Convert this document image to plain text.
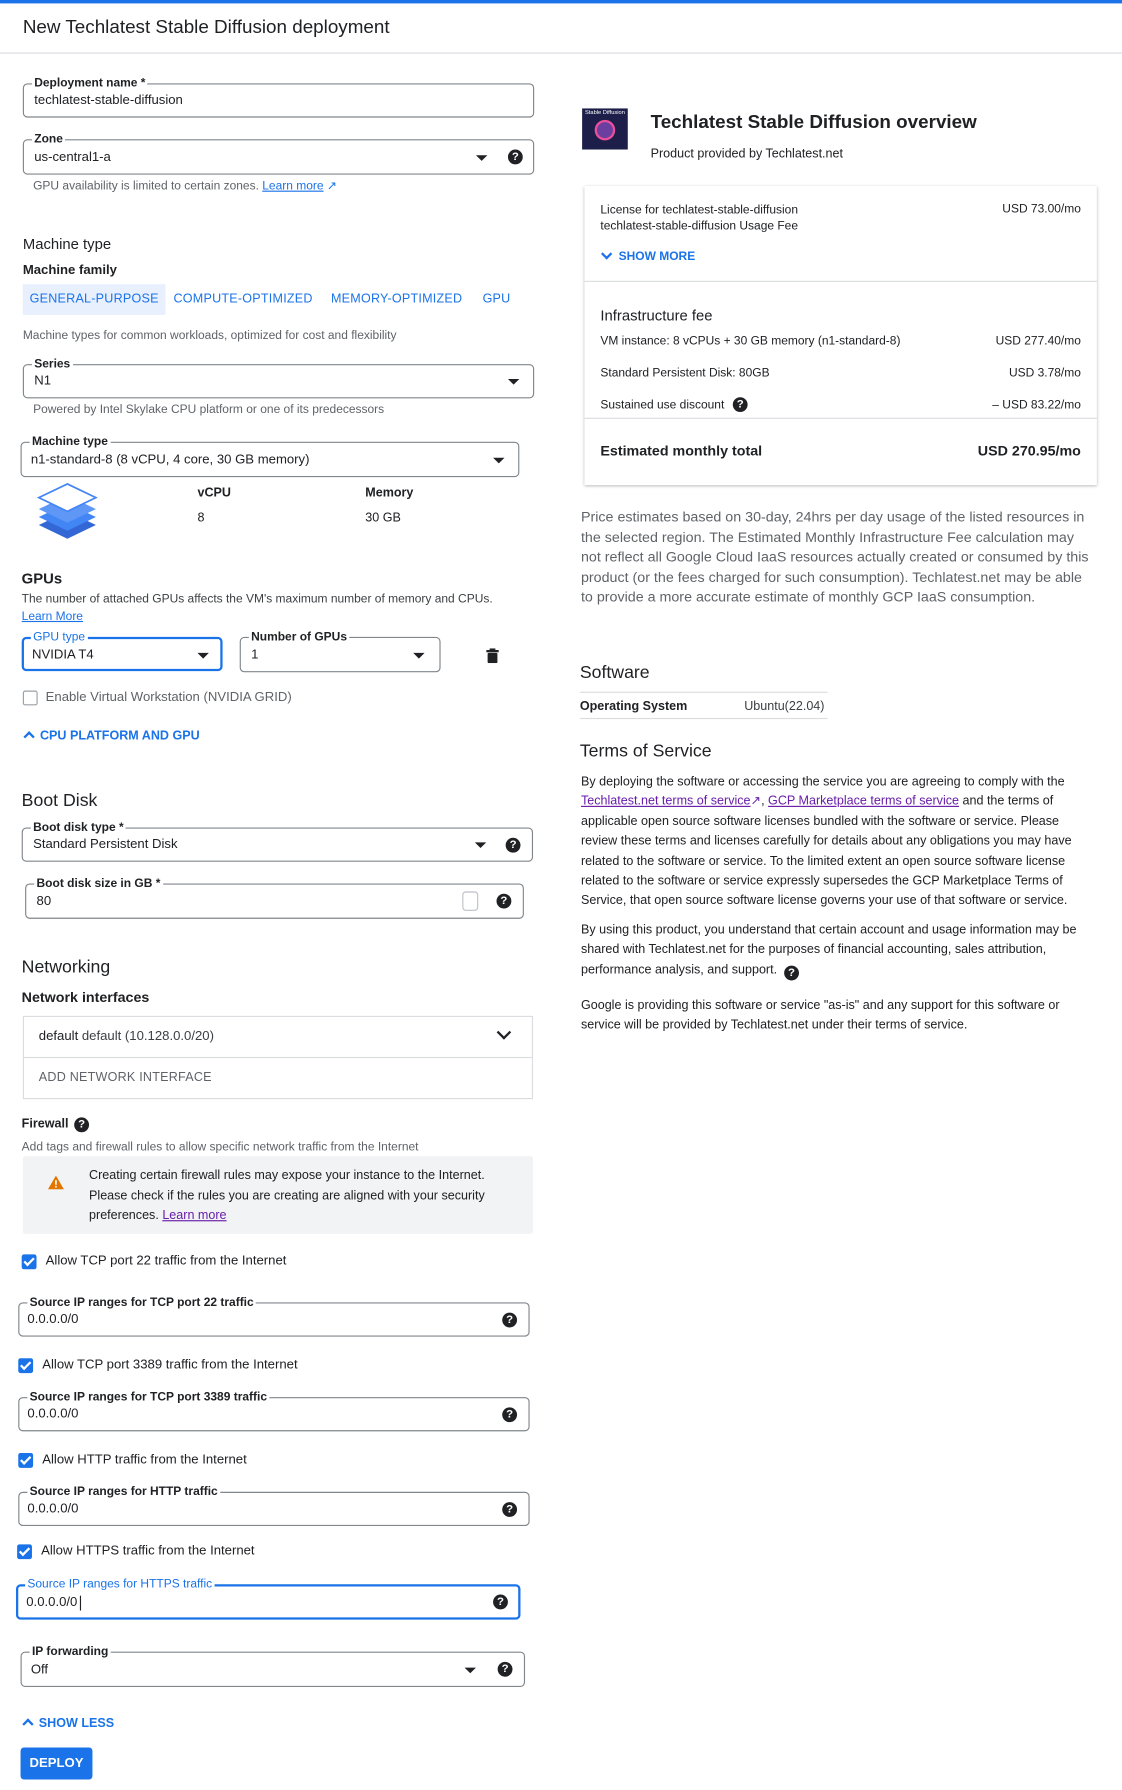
New Techlatest Stable Diffusion deployment
Deployment name *
techlatest-stable-diffusion
Zone
us-central1-a	?
GPU availability is limited to certain zones. Learn more ↗
Machine type
Machine family
GENERAL-PURPOSE	COMPUTE-OPTIMIZED	MEMORY-OPTIMIZED	GPU
Machine types for common workloads, optimized for cost and flexibility
Series
N1
Powered by Intel Skylake CPU platform or one of its predecessors
Machine type
n1-standard-8 (8 vCPU, 4 core, 30 GB memory)
vCPU
8
Memory
30 GB
GPUs
The number of attached GPUs affects the VM's maximum number of memory and CPUs.
Learn More
GPU type
NVIDIA T4
Number of GPUs
1
Enable Virtual Workstation (NVIDIA GRID)
CPU PLATFORM AND GPU
Boot Disk
Boot disk type *
Standard Persistent Disk	?
Boot disk size in GB *
80	?
Networking
Network interfaces
default default (10.128.0.0/20)
ADD NETWORK INTERFACE
Firewall ?
Add tags and firewall rules to allow specific network traffic from the Internet
Creating certain firewall rules may expose your instance to the Internet.
Please check if the rules you are creating are aligned with your security
preferences. Learn more
Allow TCP port 22 traffic from the Internet
Source IP ranges for TCP port 22 traffic
0.0.0.0/0	?
Allow TCP port 3389 traffic from the Internet
Source IP ranges for TCP port 3389 traffic
0.0.0.0/0	?
Allow HTTP traffic from the Internet
Source IP ranges for HTTP traffic
0.0.0.0/0	?
Allow HTTPS traffic from the Internet
Source IP ranges for HTTPS traffic
0.0.0.0/0	?
IP forwarding
Off	?
SHOW LESS
DEPLOY
Stable Diffusion Techlatest Stable Diffusion overview
Product provided by Techlatest.net
License for techlatest-stable-diffusion
techlatest-stable-diffusion Usage Fee
USD 73.00/mo
SHOW MORE
Infrastructure fee
VM instance: 8 vCPUs + 30 GB memory (n1-standard-8)	USD 277.40/mo
Standard Persistent Disk: 80GB	USD 3.78/mo
Sustained use discount	?	– USD 83.22/mo
Estimated monthly total	USD 270.95/mo
Price estimates based on 30-day, 24hrs per day usage of the listed resources in the selected region. The Estimated Monthly Infrastructure Fee calculation may not reflect all Google Cloud IaaS resources actually created or consumed by this product (or the fees charged for such consumption). Techlatest.net may be able to provide a more accurate estimate of monthly GCP IaaS consumption.
Software
Operating System	Ubuntu(22.04)
Terms of Service
By deploying the software or accessing the service you are agreeing to comply with the Techlatest.net terms of service↗, GCP Marketplace terms of service and the terms of applicable open source software licenses bundled with the software or service. Please review these terms and licenses carefully for details about any obligations you may have related to the software or service. To the limited extent an open source software license related to the software or service expressly supersedes the GCP Marketplace Terms of Service, that open source software license governs your use of that software or service.
By using this product, you understand that certain account and usage information may be shared with Techlatest.net for the purposes of financial accounting, sales attribution, performance analysis, and support. ?
Google is providing this software or service "as-is" and any support for this software or service will be provided by Techlatest.net under their terms of service.
